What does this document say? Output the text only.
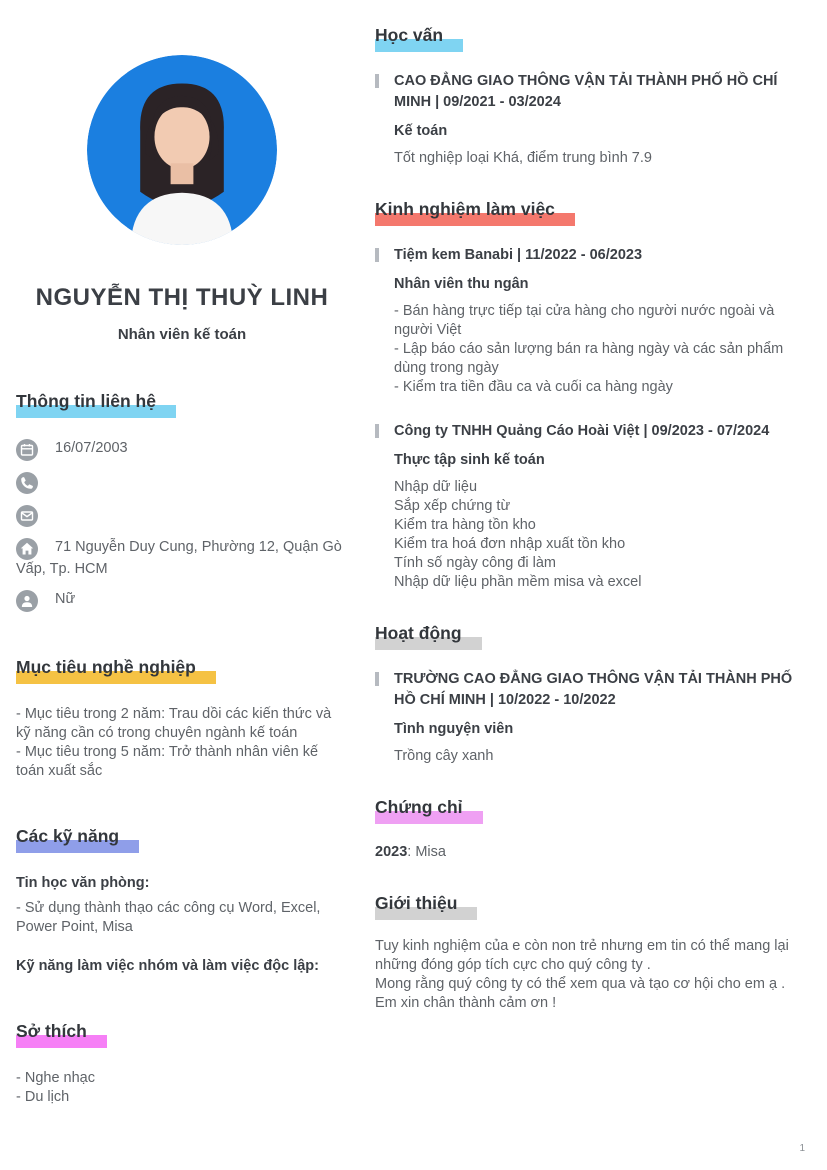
NGUYỄN THỊ THUỲ LINH
Nhân viên kế toán
Thông tin liên hệ
16/07/2003
71 Nguyễn Duy Cung, Phường 12, Quận Gò Vấp, Tp. HCM
Nữ
Mục tiêu nghề nghiệp
- Mục tiêu trong 2 năm: Trau dồi các kiến thức và kỹ năng cần có trong chuyên ngành kế toán
- Mục tiêu trong 5 năm: Trở thành nhân viên kế toán xuất sắc
Các kỹ năng
Tin học văn phòng:
- Sử dụng thành thạo các công cụ Word, Excel, Power Point, Misa
Kỹ năng làm việc nhóm và làm việc độc lập:
Sở thích
- Nghe nhạc
- Du lịch
Học vấn
CAO ĐẲNG GIAO THÔNG VẬN TẢI THÀNH PHỐ HỒ CHÍ MINH | 09/2021 - 03/2024
Kế toán
Tốt nghiệp loại Khá, điểm trung bình 7.9
Kinh nghiệm làm việc
Tiệm kem Banabi | 11/2022 - 06/2023
Nhân viên thu ngân
- Bán hàng trực tiếp tại cửa hàng cho người nước ngoài và người Việt
- Lập báo cáo sản lượng bán ra hàng ngày và các sản phẩm dùng trong ngày
- Kiểm tra tiền đầu ca và cuối ca hàng ngày
Công ty TNHH Quảng Cáo Hoài Việt | 09/2023 - 07/2024
Thực tập sinh kế toán
Nhập dữ liệu
Sắp xếp chứng từ
Kiểm tra hàng tồn kho
Kiểm tra hoá đơn nhập xuất tồn kho
Tính số ngày công đi làm
Nhập dữ liệu phần mềm misa và excel
Hoạt động
TRƯỜNG CAO ĐẲNG GIAO THÔNG VẬN TẢI THÀNH PHỐ HỒ CHÍ MINH | 10/2022 - 10/2022
Tình nguyện viên
Trồng cây xanh
Chứng chỉ
2023: Misa
Giới thiệu
Tuy kinh nghiệm của e còn non trẻ nhưng em tin có thể mang lại những đóng góp tích cực cho quý công ty .
Mong rằng quý công ty có thể xem qua và tạo cơ hội cho em ạ .
Em xin chân thành cảm ơn !
1
